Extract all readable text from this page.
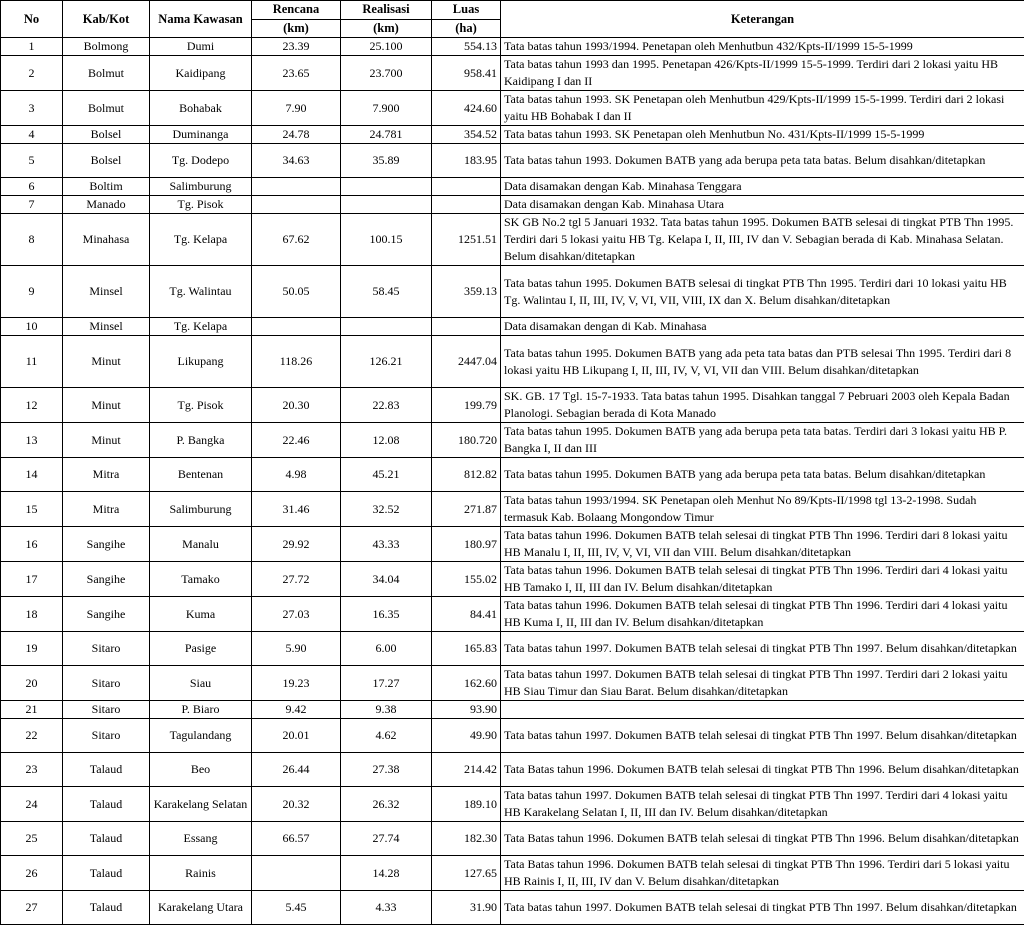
No	Kab/Kot	Nama Kawasan	Rencana	Realisasi	Luas	Keterangan
			(km)	(km)	(ha)	
1	Bolmong	Dumi	23.39	25.100	554.13	Tata batas tahun 1993/1994. Penetapan oleh Menhutbun 432/Kpts-II/1999 15-5-1999
2	Bolmut	Kaidipang	23.65	23.700	958.41	Tata batas tahun 1993 dan 1995. Penetapan 426/Kpts-II/1999 15-5-1999. Terdiri dari 2 lokasi yaitu HB Kaidipang I dan II
3	Bolmut	Bohabak	7.90	7.900	424.60	Tata batas tahun 1993. SK Penetapan oleh Menhutbun 429/Kpts-II/1999 15-5-1999. Terdiri dari 2 lokasi yaitu HB Bohabak I dan II
4	Bolsel	Duminanga	24.78	24.781	354.52	Tata batas tahun 1993. SK Penetapan oleh Menhutbun No. 431/Kpts-II/1999 15-5-1999
5	Bolsel	Tg. Dodepo	34.63	35.89	183.95	Tata batas tahun 1993. Dokumen BATB yang ada berupa peta tata batas. Belum disahkan/ditetapkan
6	Boltim	Salimburung				Data disamakan dengan Kab. Minahasa Tenggara
7	Manado	Tg. Pisok				Data disamakan dengan Kab. Minahasa Utara
8	Minahasa	Tg. Kelapa	67.62	100.15	1251.51	SK GB No.2 tgl 5 Januari 1932. Tata batas tahun 1995. Dokumen BATB selesai di tingkat PTB Thn 1995. Terdiri dari 5 lokasi yaitu HB Tg. Kelapa I, II, III, IV dan V. Sebagian berada di Kab. Minahasa Selatan. Belum disahkan/ditetapkan
9	Minsel	Tg. Walintau	50.05	58.45	359.13	Tata batas tahun 1995. Dokumen BATB selesai di tingkat PTB Thn 1995. Terdiri dari 10 lokasi yaitu HB Tg. Walintau I, II, III, IV, V, VI, VII, VIII, IX dan X. Belum disahkan/ditetapkan
10	Minsel	Tg. Kelapa				Data disamakan dengan di Kab. Minahasa
11	Minut	Likupang	118.26	126.21	2447.04	Tata batas tahun 1995. Dokumen BATB yang ada peta tata batas dan PTB selesai Thn 1995. Terdiri dari 8 lokasi yaitu HB Likupang I, II, III, IV, V, VI, VII dan VIII. Belum disahkan/ditetapkan
12	Minut	Tg. Pisok	20.30	22.83	199.79	SK. GB. 17 Tgl. 15-7-1933. Tata batas tahun 1995. Disahkan tanggal 7 Pebruari 2003 oleh Kepala Badan Planologi. Sebagian berada di Kota Manado
13	Minut	P. Bangka	22.46	12.08	180.720	Tata batas tahun 1995. Dokumen BATB yang ada berupa peta tata batas. Terdiri dari 3 lokasi yaitu HB P. Bangka I, II dan III
14	Mitra	Bentenan	4.98	45.21	812.82	Tata batas tahun 1995. Dokumen BATB yang ada berupa peta tata batas. Belum disahkan/ditetapkan
15	Mitra	Salimburung	31.46	32.52	271.87	Tata batas tahun 1993/1994. SK Penetapan oleh Menhut No 89/Kpts-II/1998 tgl 13-2-1998. Sudah termasuk Kab. Bolaang Mongondow Timur
16	Sangihe	Manalu	29.92	43.33	180.97	Tata batas tahun 1996. Dokumen BATB telah selesai di tingkat PTB Thn 1996. Terdiri dari 8 lokasi yaitu HB Manalu I, II, III, IV, V, VI, VII dan VIII. Belum disahkan/ditetapkan
17	Sangihe	Tamako	27.72	34.04	155.02	Tata batas tahun 1996. Dokumen BATB telah selesai di tingkat PTB Thn 1996. Terdiri dari 4 lokasi yaitu HB Tamako I, II, III dan IV. Belum disahkan/ditetapkan
18	Sangihe	Kuma	27.03	16.35	84.41	Tata batas tahun 1996. Dokumen BATB telah selesai di tingkat PTB Thn 1996. Terdiri dari 4 lokasi yaitu HB Kuma I, II, III dan IV. Belum disahkan/ditetapkan
19	Sitaro	Pasige	5.90	6.00	165.83	Tata batas tahun 1997. Dokumen BATB telah selesai di tingkat PTB Thn 1997. Belum disahkan/ditetapkan
20	Sitaro	Siau	19.23	17.27	162.60	Tata batas tahun 1997. Dokumen BATB telah selesai di tingkat PTB Thn 1997. Terdiri dari 2 lokasi yaitu HB Siau Timur dan Siau Barat. Belum disahkan/ditetapkan
21	Sitaro	P. Biaro	9.42	9.38	93.90	
22	Sitaro	Tagulandang	20.01	4.62	49.90	Tata batas tahun 1997. Dokumen BATB telah selesai di tingkat PTB Thn 1997. Belum disahkan/ditetapkan
23	Talaud	Beo	26.44	27.38	214.42	Tata Batas tahun 1996. Dokumen BATB telah selesai di tingkat PTB Thn 1996. Belum disahkan/ditetapkan
24	Talaud	Karakelang Selatan	20.32	26.32	189.10	Tata batas tahun 1997. Dokumen BATB telah selesai di tingkat PTB Thn 1997. Terdiri dari 4 lokasi yaitu HB Karakelang Selatan I, II, III dan IV. Belum disahkan/ditetapkan
25	Talaud	Essang	66.57	27.74	182.30	Tata Batas tahun 1996. Dokumen BATB telah selesai di tingkat PTB Thn 1996. Belum disahkan/ditetapkan
26	Talaud	Rainis		14.28	127.65	Tata Batas tahun 1996. Dokumen BATB telah selesai di tingkat PTB Thn 1996. Terdiri dari 5 lokasi yaitu HB Rainis I, II, III, IV dan V. Belum disahkan/ditetapkan
27	Talaud	Karakelang Utara	5.45	4.33	31.90	Tata batas tahun 1997. Dokumen BATB telah selesai di tingkat PTB Thn 1997. Belum disahkan/ditetapkan
